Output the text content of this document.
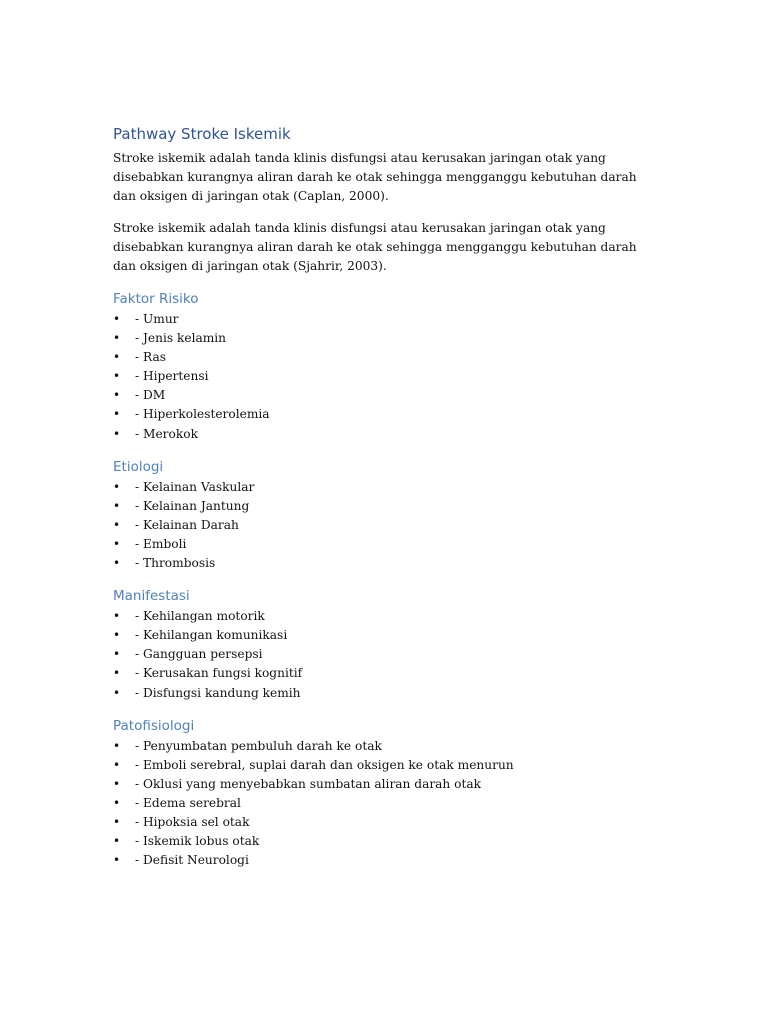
Pathway Stroke Iskemik

Stroke iskemik adalah tanda klinis disfungsi atau kerusakan jaringan otak yang disebabkan kurangnya aliran darah ke otak sehingga mengganggu kebutuhan darah dan oksigen di jaringan otak (Caplan, 2000).

Stroke iskemik adalah tanda klinis disfungsi atau kerusakan jaringan otak yang disebabkan kurangnya aliran darah ke otak sehingga mengganggu kebutuhan darah dan oksigen di jaringan otak (Sjahrir, 2003).

Faktor Risiko
• - Umur
• - Jenis kelamin
• - Ras
• - Hipertensi
• - DM
• - Hiperkolesterolemia
• - Merokok
Etiologi
• - Kelainan Vaskular
• - Kelainan Jantung
• - Kelainan Darah
• - Emboli
• - Thrombosis
Manifestasi
• - Kehilangan motorik
• - Kehilangan komunikasi
• - Gangguan persepsi
• - Kerusakan fungsi kognitif
• - Disfungsi kandung kemih
Patofisiologi
• - Penyumbatan pembuluh darah ke otak
• - Emboli serebral, suplai darah dan oksigen ke otak menurun
• - Oklusi yang menyebabkan sumbatan aliran darah otak
• - Edema serebral
• - Hipoksia sel otak
• - Iskemik lobus otak
• - Defisit Neurologi
